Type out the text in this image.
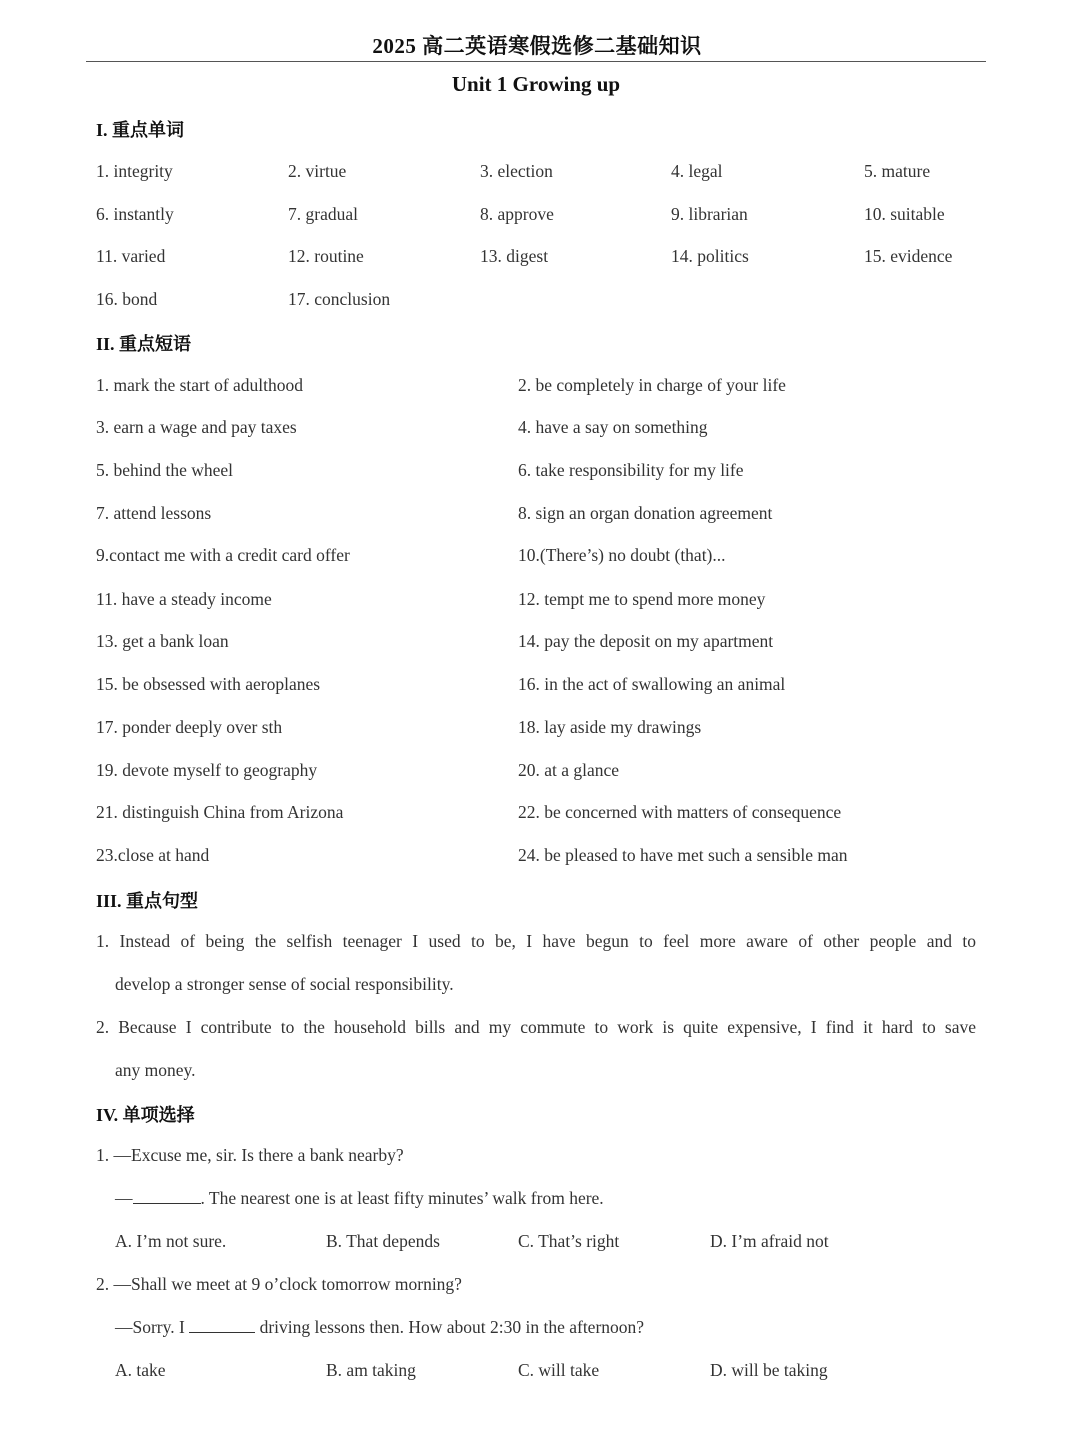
2025 高二英语寒假选修二基础知识
Unit 1 Growing up
I. 重点单词
1. integrity	2. virtue	3. election	4. legal	5. mature
6. instantly	7. gradual	8. approve	9. librarian	10. suitable
11. varied	12. routine	13. digest	14. politics	15. evidence
16. bond	17. conclusion
II. 重点短语
1. mark the start of adulthood	2. be completely in charge of your life
3. earn a wage and pay taxes	4. have a say on something
5. behind the wheel	6. take responsibility for my life
7. attend lessons	8. sign an organ donation agreement
9.contact me with a credit card offer	10.(There’s) no doubt (that)...
11. have a steady income	12. tempt me to spend more money
13. get a bank loan	14. pay the deposit on my apartment
15. be obsessed with aeroplanes	16. in the act of swallowing an animal
17. ponder deeply over sth	18. lay aside my drawings
19. devote myself to geography	20. at a glance
21. distinguish China from Arizona	22. be concerned with matters of consequence
23.close at hand	24. be pleased to have met such a sensible man
III. 重点句型
1. Instead of being the selfish teenager I used to be, I have begun to feel more aware of other people and to
develop a stronger sense of social responsibility.
2. Because I contribute to the household bills and my commute to work is quite expensive, I find it hard to save
any money.
IV. 单项选择
1. —Excuse me, sir. Is there a bank nearby?
—	. The nearest one is at least fifty minutes’ walk from here.
A. I’m not sure.	B. That depends	C. That’s right	D. I’m afraid not
2. —Shall we meet at 9 o’clock tomorrow morning?
—Sorry. I	driving lessons then. How about 2:30 in the afternoon?
A. take	B. am taking	C. will take	D. will be taking
